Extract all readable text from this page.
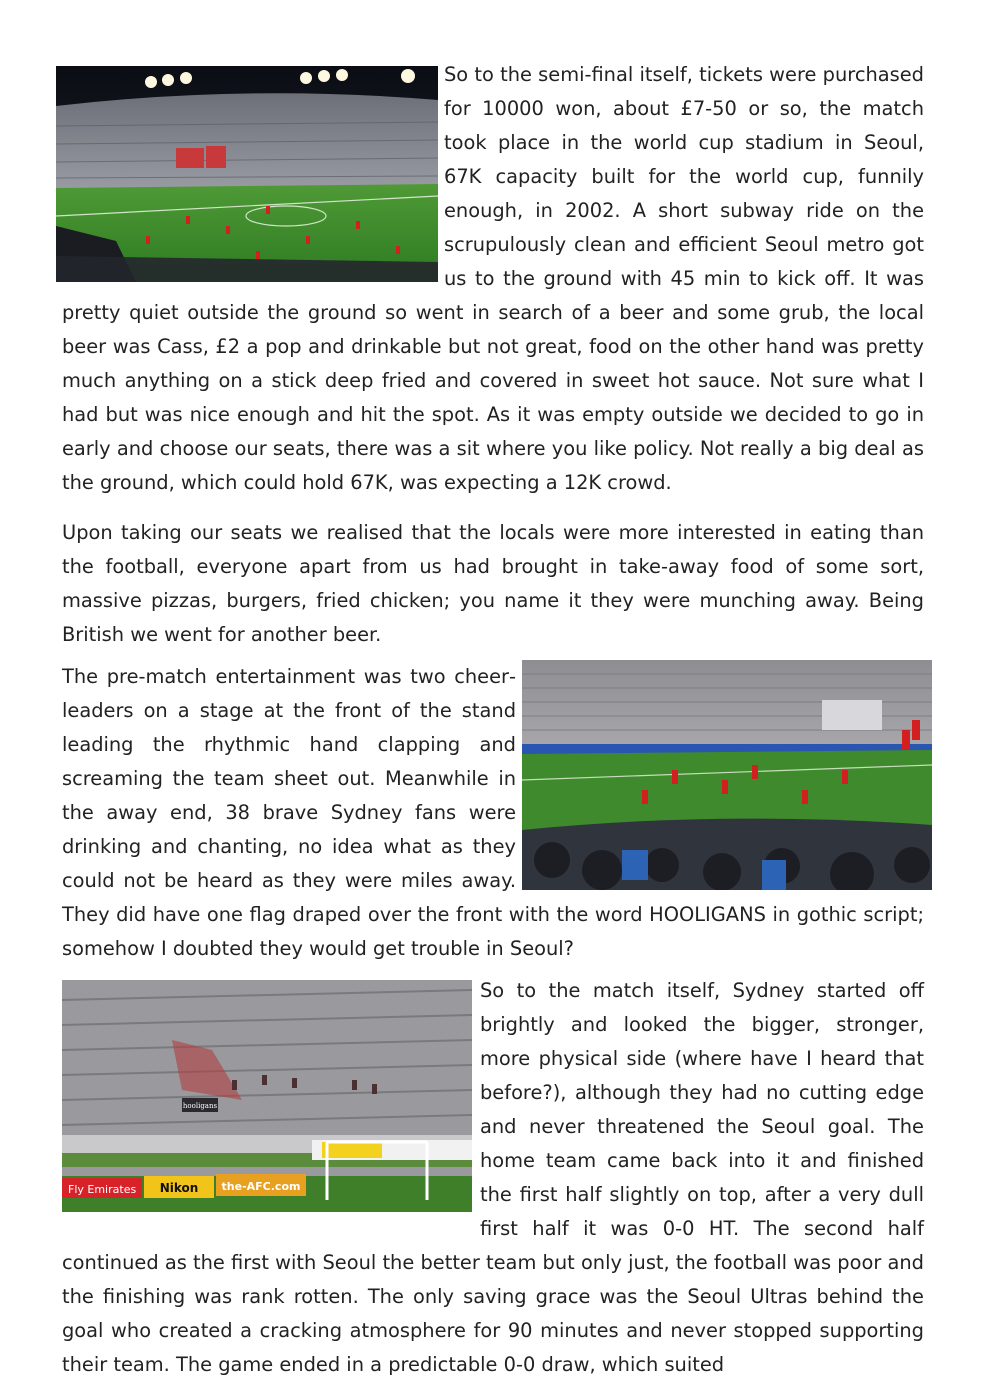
So to the semi-final itself, tickets were purchased for 10000 won, about £7-50 or so, the match took place in the world cup stadium in Seoul, 67K capacity built for the world cup, funnily enough, in 2002. A short subway ride on the scrupulously clean and efficient Seoul metro got us to the ground with 45 min to kick off. It was pretty quiet outside the ground so went in search of a beer and some grub, the local beer was Cass, £2 a pop and drinkable but not great, food on the other hand was pretty much anything on a stick deep fried and covered in sweet hot sauce. Not sure what I had but was nice enough and hit the spot. As it was empty outside we decided to go in early and choose our seats, there was a sit where you like policy. Not really a big deal as the ground, which could hold 67K, was expecting a 12K crowd.

Upon taking our seats we realised that the locals were more interested in eating than the football, everyone apart from us had brought in take-away food of some sort, massive pizzas, burgers, fried chicken; you name it they were munching away. Being British we went for another beer.

The pre-match entertainment was two cheerleaders on a stage at the front of the stand leading the rhythmic hand clapping and screaming the team sheet out. Meanwhile in the away end, 38 brave Sydney fans were drinking and chanting, no idea what as they could not be heard as they were miles away. They did have one flag draped over the front with the word HOOLIGANS in gothic script; somehow I doubted they would get trouble in Seoul?

hooligans
Fly Emirates Nikon the-AFC.com

So to the match itself, Sydney started off brightly and looked the bigger, stronger, more physical side (where have I heard that before?), although they had no cutting edge and never threatened the Seoul goal. The home team came back into it and finished the first half slightly on top, after a very dull first half it was 0-0 HT. The second half continued as the first with Seoul the better team but only just, the football was poor and the finishing was rank rotten. The only saving grace was the Seoul Ultras behind the goal who created a cracking atmosphere for 90 minutes and never stopped supporting their team. The game ended in a predictable 0-0 draw, which suited
